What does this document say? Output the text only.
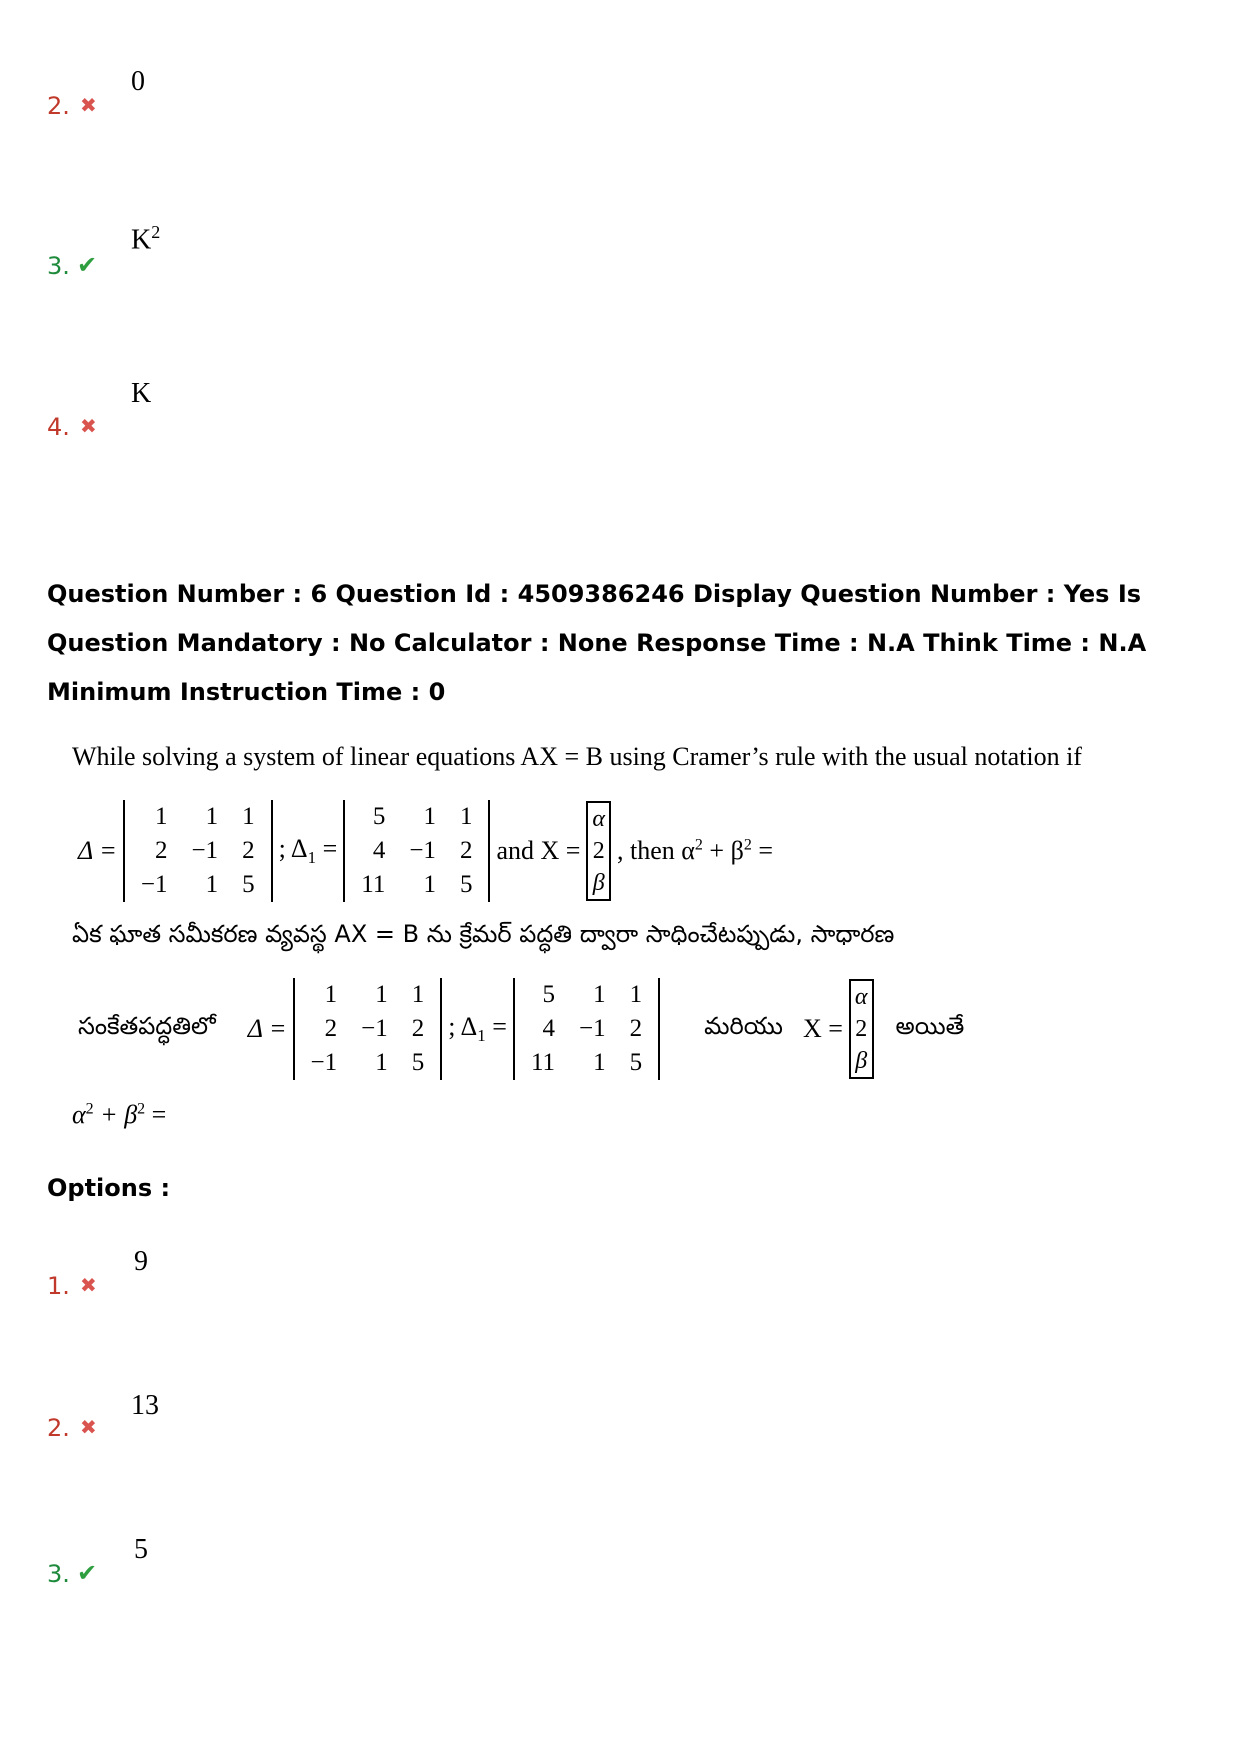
2. ✖
0
3. ✔
$K^2$
4. ✖
K
Question Number : 6 Question Id : 4509386246 Display Question Number : Yes Is Question Mandatory : No Calculator : None Response Time : N.A Think Time : N.A Minimum Instruction Time : 0
While solving a system of linear equations AX = B using Cramer’s rule with the usual notation if
Δ =
1	1	1
2	−1	2
−1	1	5
; $\Delta_1$ =
5	1	1
4	−1	2
11	1	5
and X =
α
2
β
, then $\alpha^2 + \beta^2$ =
ఏక ఘాత సమీకరణ వ్యవస్థ AX = B ను క్రేమర్ పద్ధతి ద్వారా సాధించేటప్పుడు, సాధారణ
సంకేతపద్ధతిలో Δ =
1	1	1
2	−1	2
−1	1	5
; $\Delta_1$ =
5	1	1
4	−1	2
11	1	5
మరియు X =
α
2
β
అయితే
$\alpha^2 + \beta^2$ =
Options :
1. ✖
9
2. ✖
13
3. ✔
5
